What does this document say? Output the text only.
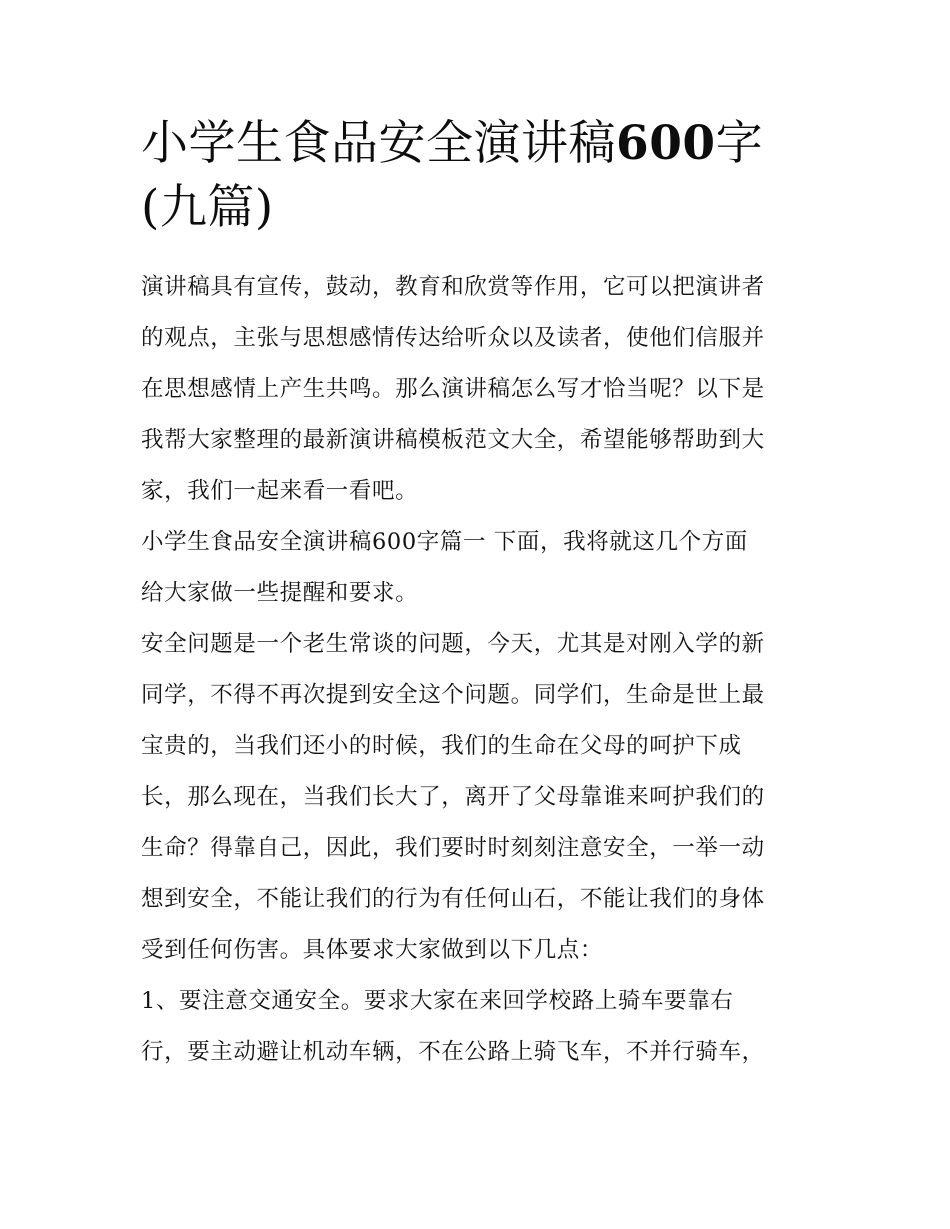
小学生食品安全演讲稿600字
(九篇)
演讲稿具有宣传，鼓动，教育和欣赏等作用，它可以把演讲者
的观点，主张与思想感情传达给听众以及读者，使他们信服并
在思想感情上产生共鸣。那么演讲稿怎么写才恰当呢？以下是
我帮大家整理的最新演讲稿模板范文大全，希望能够帮助到大
家，我们一起来看一看吧。
小学生食品安全演讲稿600字篇一 下面，我将就这几个方面
给大家做一些提醒和要求。
安全问题是一个老生常谈的问题，今天，尤其是对刚入学的新
同学，不得不再次提到安全这个问题。同学们，生命是世上最
宝贵的，当我们还小的时候，我们的生命在父母的呵护下成
长，那么现在，当我们长大了，离开了父母靠谁来呵护我们的
生命？得靠自己，因此，我们要时时刻刻注意安全，一举一动
想到安全，不能让我们的行为有任何山石，不能让我们的身体
受到任何伤害。具体要求大家做到以下几点：
1、要注意交通安全。要求大家在来回学校路上骑车要靠右
行，要主动避让机动车辆，不在公路上骑飞车，不并行骑车，
